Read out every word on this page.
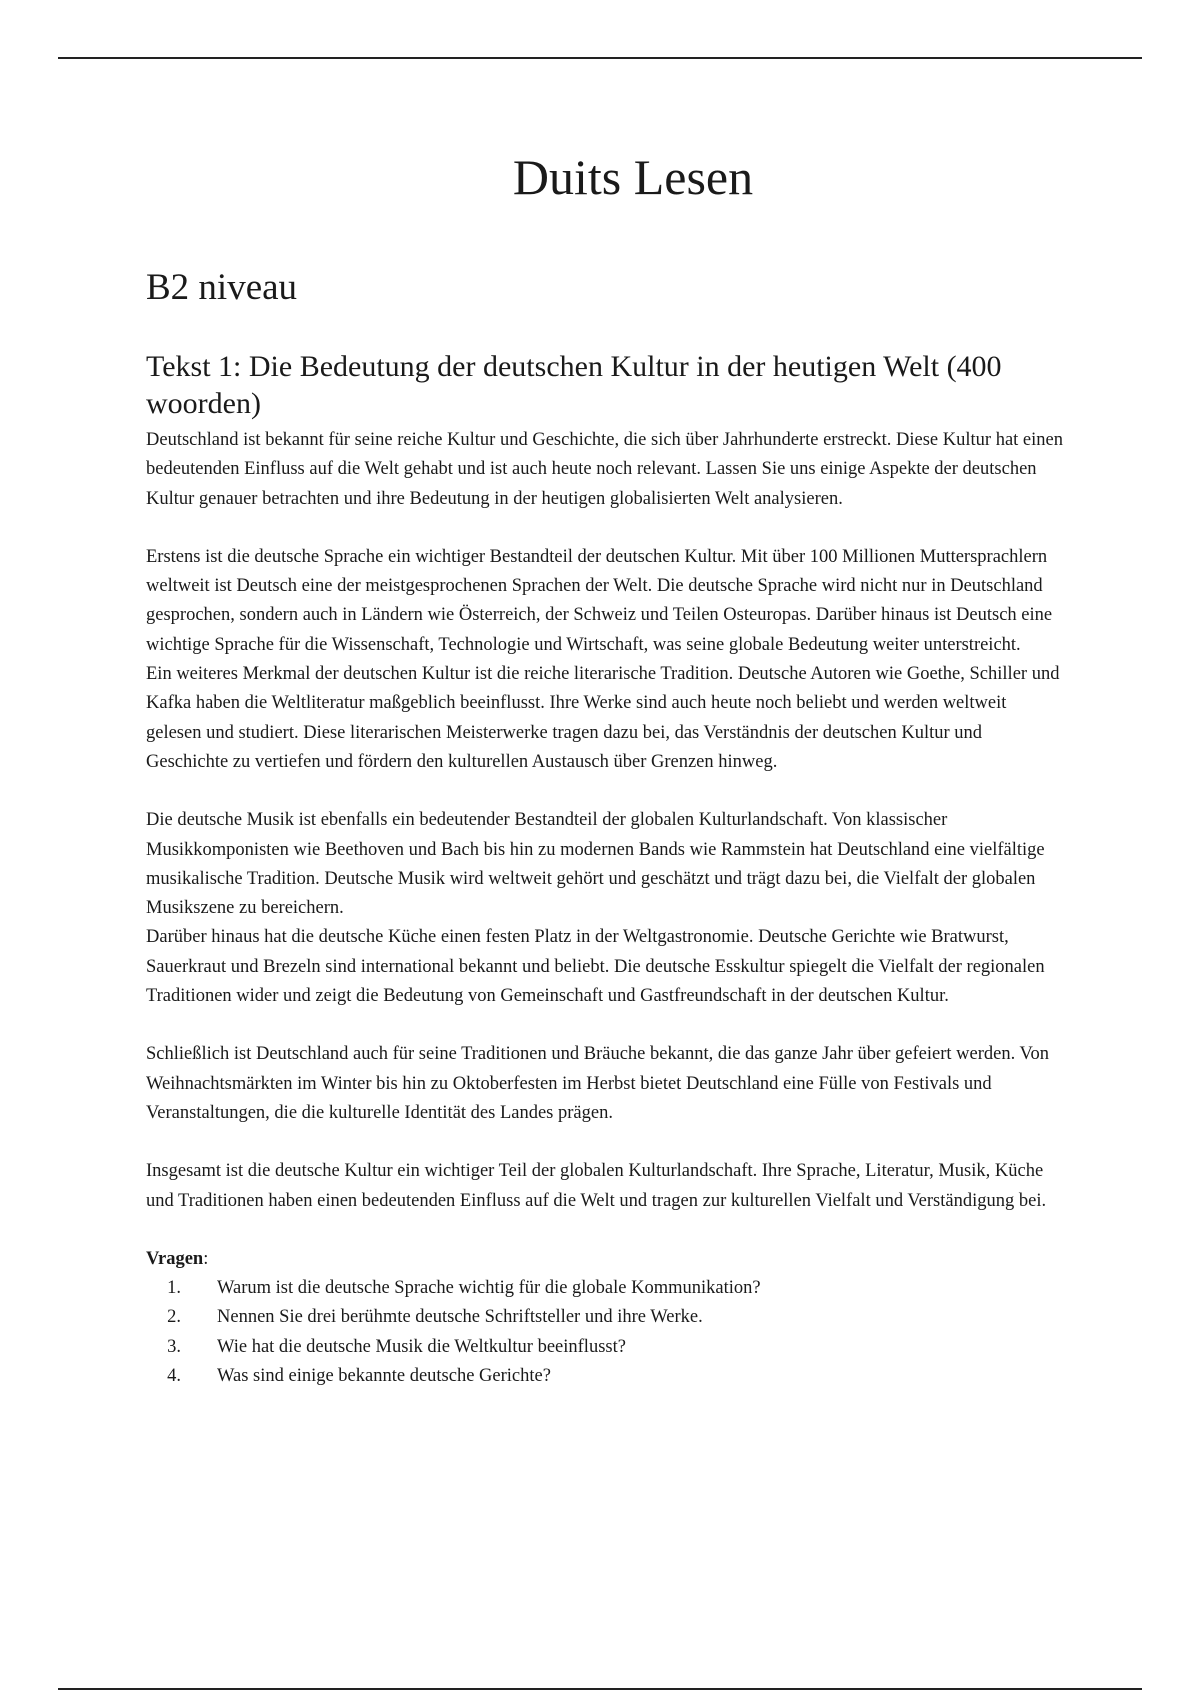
Duits Lesen
B2 niveau
Tekst 1: Die Bedeutung der deutschen Kultur in der heutigen Welt (400 woorden)

Deutschland ist bekannt für seine reiche Kultur und Geschichte, die sich über Jahrhunderte erstreckt. Diese Kultur hat einen bedeutenden Einfluss auf die Welt gehabt und ist auch heute noch relevant. Lassen Sie uns einige Aspekte der deutschen Kultur genauer betrachten und ihre Bedeutung in der heutigen globalisierten Welt analysieren.

Erstens ist die deutsche Sprache ein wichtiger Bestandteil der deutschen Kultur. Mit über 100 Millionen Muttersprachlern weltweit ist Deutsch eine der meistgesprochenen Sprachen der Welt. Die deutsche Sprache wird nicht nur in Deutschland gesprochen, sondern auch in Ländern wie Österreich, der Schweiz und Teilen Osteuropas. Darüber hinaus ist Deutsch eine wichtige Sprache für die Wissenschaft, Technologie und Wirtschaft, was seine globale Bedeutung weiter unterstreicht.

Ein weiteres Merkmal der deutschen Kultur ist die reiche literarische Tradition. Deutsche Autoren wie Goethe, Schiller und Kafka haben die Weltliteratur maßgeblich beeinflusst. Ihre Werke sind auch heute noch beliebt und werden weltweit gelesen und studiert. Diese literarischen Meisterwerke tragen dazu bei, das Verständnis der deutschen Kultur und Geschichte zu vertiefen und fördern den kulturellen Austausch über Grenzen hinweg.

Die deutsche Musik ist ebenfalls ein bedeutender Bestandteil der globalen Kulturlandschaft. Von klassischer Musikkomponisten wie Beethoven und Bach bis hin zu modernen Bands wie Rammstein hat Deutschland eine vielfältige musikalische Tradition. Deutsche Musik wird weltweit gehört und geschätzt und trägt dazu bei, die Vielfalt der globalen Musikszene zu bereichern.

Darüber hinaus hat die deutsche Küche einen festen Platz in der Weltgastronomie. Deutsche Gerichte wie Bratwurst, Sauerkraut und Brezeln sind international bekannt und beliebt. Die deutsche Esskultur spiegelt die Vielfalt der regionalen Traditionen wider und zeigt die Bedeutung von Gemeinschaft und Gastfreundschaft in der deutschen Kultur.

Schließlich ist Deutschland auch für seine Traditionen und Bräuche bekannt, die das ganze Jahr über gefeiert werden. Von Weihnachtsmärkten im Winter bis hin zu Oktoberfesten im Herbst bietet Deutschland eine Fülle von Festivals und Veranstaltungen, die die kulturelle Identität des Landes prägen.

Insgesamt ist die deutsche Kultur ein wichtiger Teil der globalen Kulturlandschaft. Ihre Sprache, Literatur, Musik, Küche und Traditionen haben einen bedeutenden Einfluss auf die Welt und tragen zur kulturellen Vielfalt und Verständigung bei.

Vragen:

1.	Warum ist die deutsche Sprache wichtig für die globale Kommunikation?
2.	Nennen Sie drei berühmte deutsche Schriftsteller und ihre Werke.
3.	Wie hat die deutsche Musik die Weltkultur beeinflusst?
4.	Was sind einige bekannte deutsche Gerichte?
